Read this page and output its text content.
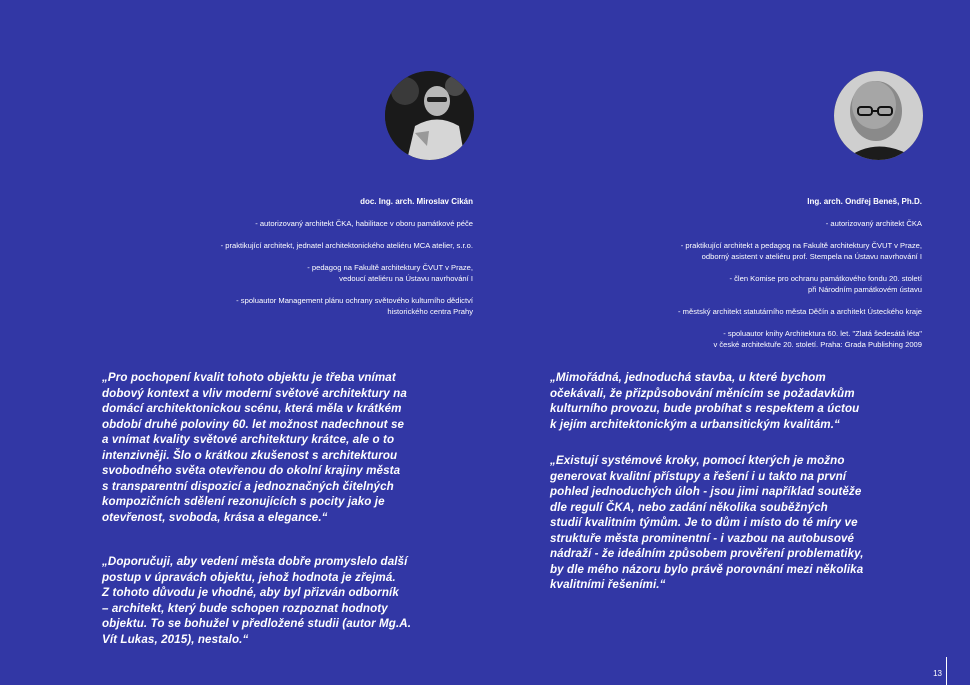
doc. Ing. arch. Miroslav Cikán
- autorizovaný architekt ČKA, habilitace v oboru památkové péče
- praktikující architekt, jednatel architektonického ateliéru MCA atelier, s.r.o.
- pedagog na Fakultě architektury ČVUT v Praze,
vedoucí ateliéru na Ústavu navrhování I
- spoluautor Management plánu ochrany světového kulturního dědictví
historického centra Prahy
Ing. arch. Ondřej Beneš, Ph.D.
- autorizovaný architekt ČKA
- praktikující architekt a pedagog na Fakultě architektury ČVUT v Praze,
odborný asistent v ateliéru prof. Stempela na Ústavu navrhování I
- člen Komise pro ochranu památkového fondu 20. století
při Národním památkovém ústavu
- městský architekt statutárního města Děčín a architekt Ústeckého kraje
- spoluautor knihy Architektura 60. let. "Zlatá šedesátá léta"
v české architektuře 20. století. Praha: Grada Publishing 2009
„Pro pochopení kvalit tohoto objektu je třeba vnímat
dobový kontext a vliv moderní světové architektury na
domácí architektonickou scénu, která měla v krátkém
období druhé poloviny 60. let možnost nadechnout se
a vnímat kvality světové architektury krátce, ale o to
intenzivněji. Šlo o krátkou zkušenost s architekturou
svobodného světa otevřenou do okolní krajiny města
s transparentní dispozicí a jednoznačných čitelných
kompozičních sdělení rezonujících s pocity jako je
otevřenost, svoboda, krása a elegance.“
„Doporučuji, aby vedení města dobře promyslelo další
postup v úpravách objektu, jehož hodnota je zřejmá.
Z tohoto důvodu je vhodné, aby byl přizván odborník
– architekt, který bude schopen rozpoznat hodnoty
objektu. To se bohužel v předložené studii (autor Mg.A.
Vít Lukas, 2015), nestalo.“
„Mimořádná, jednoduchá stavba, u které bychom
očekávali, že přizpůsobování měnícím se požadavkům
kulturního provozu, bude probíhat s respektem a úctou
k jejím architektonickým a urbansitickým kvalitám.“
„Existují systémové kroky, pomocí kterých je možno
generovat kvalitní přístupy a řešení i u takto na první
pohled jednoduchých úloh - jsou jimi například soutěže
dle regulí ČKA, nebo zadání několika souběžných
studií kvalitním týmům. Je to dům i místo do té míry ve
struktuře města prominentní - i vazbou na autobusové
nádraží - že ideálním způsobem prověření problematiky,
by dle mého názoru bylo právě porovnání mezi několika
kvalitními řešeními.“
13
